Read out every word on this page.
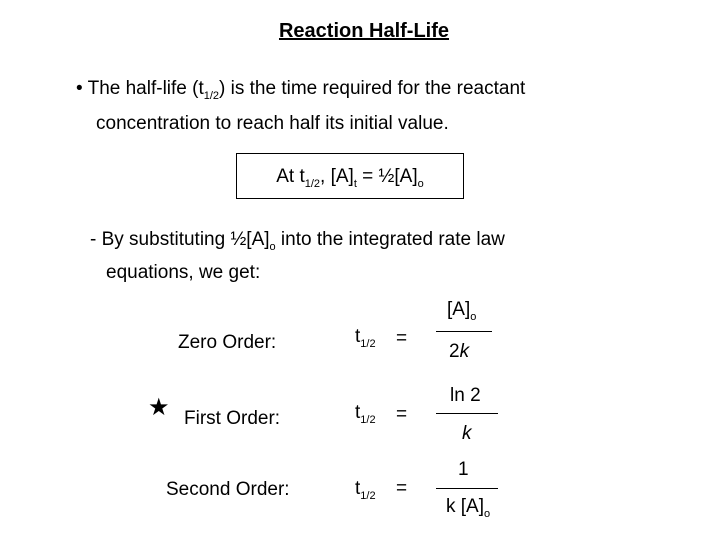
Reaction Half-Life
• The half-life $(t_{1/2})$ is the time required for the reactant
concentration to reach half its initial value.
At $t_{1/2}$, $[A]_t$ = $\frac{1}{2}[A]_o$
- By substituting $\frac{1}{2}[A]_o$ into the integrated rate law
equations, we get:
Zero Order:	$t_{1/2}$ =
$[A]_o$
2k
★ First Order:	$t_{1/2}$ =
ln 2
k
Second Order:	$t_{1/2}$ =
1
k $[A]_o$
